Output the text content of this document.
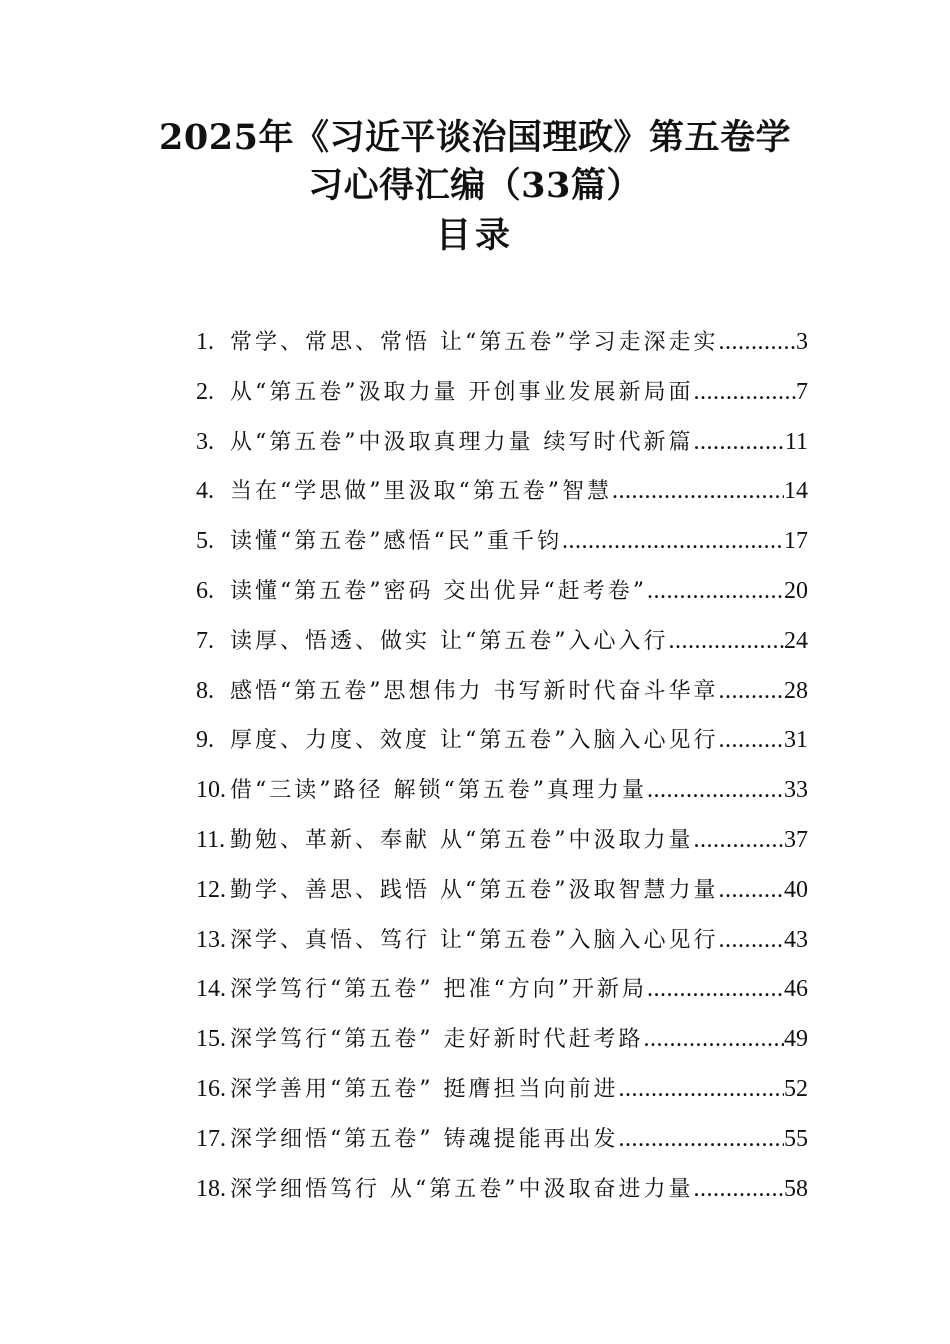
2025年《习近平谈治国理政》第五卷学
习心得汇编（33篇）
目录
1. 常学、常思、常悟 让“第五卷”学习走深走实 .....	3
2. 从“第五卷”汲取力量 开创事业发展新局面 .....	7
3. 从“第五卷”中汲取真理力量 续写时代新篇 .....	11
4. 当在“学思做”里汲取“第五卷”智慧 .....	14
5. 读懂“第五卷”感悟“民”重千钧 .....	17
6. 读懂“第五卷”密码 交出优异“赶考卷” .....	20
7. 读厚、悟透、做实 让“第五卷”入心入行 .....	24
8. 感悟“第五卷”思想伟力 书写新时代奋斗华章 .....	28
9. 厚度、力度、效度 让“第五卷”入脑入心见行 .....	31
10. 借“三读”路径 解锁“第五卷”真理力量 .....	33
11. 勤勉、革新、奉献 从“第五卷”中汲取力量 .....	37
12. 勤学、善思、践悟 从“第五卷”汲取智慧力量 .....	40
13. 深学、真悟、笃行 让“第五卷”入脑入心见行 .....	43
14. 深学笃行“第五卷” 把准“方向”开新局 .....	46
15. 深学笃行“第五卷” 走好新时代赶考路 .....	49
16. 深学善用“第五卷” 挺膺担当向前进 .....	52
17. 深学细悟“第五卷” 铸魂提能再出发 .....	55
18. 深学细悟笃行 从“第五卷”中汲取奋进力量 .....	58
